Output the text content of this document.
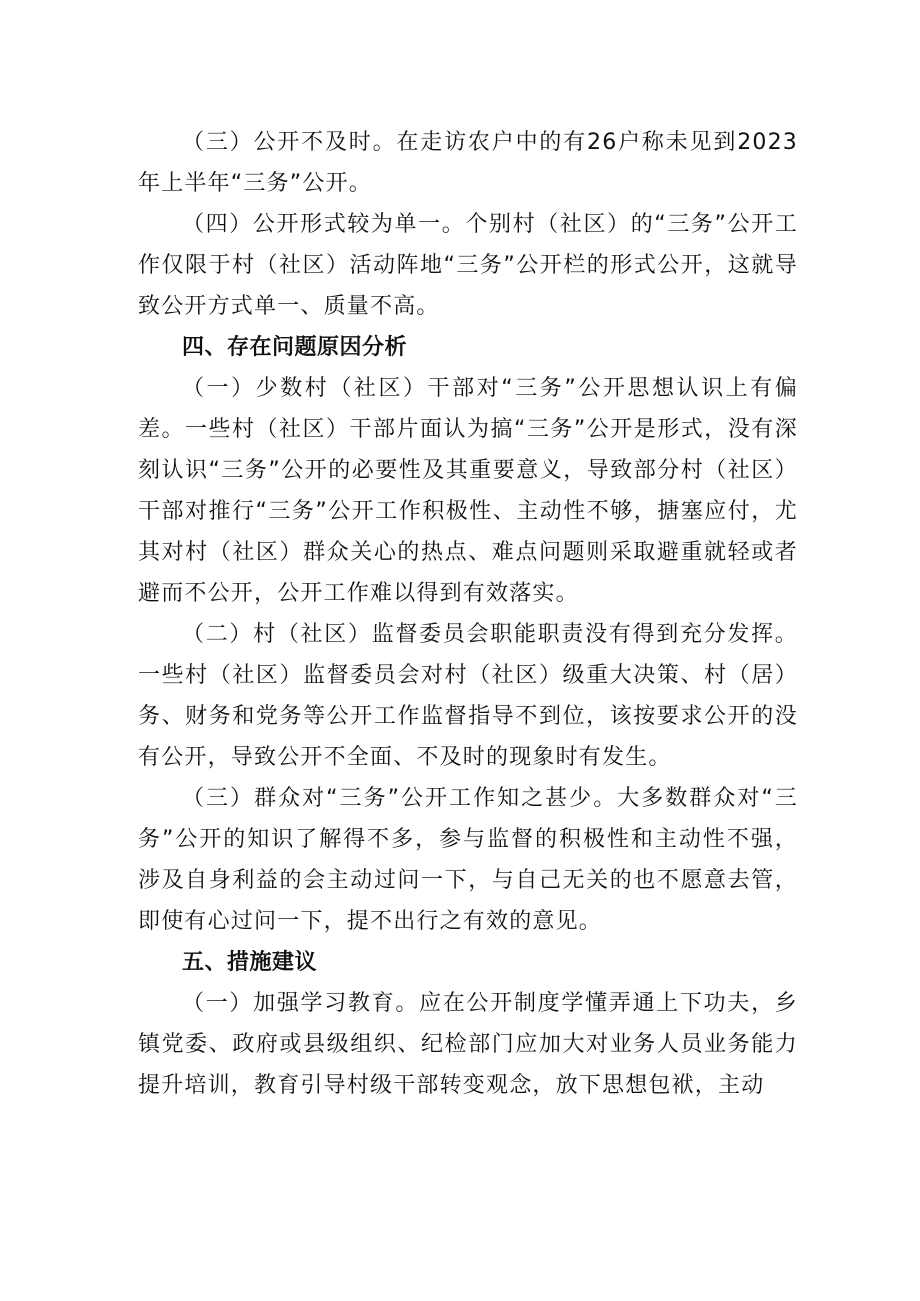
（三）公开不及时。在走访农户中的有26户称未见到2023年上半年“三务”公开。

（四）公开形式较为单一。个别村（社区）的“三务”公开工作仅限于村（社区）活动阵地“三务”公开栏的形式公开，这就导致公开方式单一、质量不高。

四、存在问题原因分析

（一）少数村（社区）干部对“三务”公开思想认识上有偏差。一些村（社区）干部片面认为搞“三务”公开是形式，没有深刻认识“三务”公开的必要性及其重要意义，导致部分村（社区）干部对推行“三务”公开工作积极性、主动性不够，搪塞应付，尤其对村（社区）群众关心的热点、难点问题则采取避重就轻或者避而不公开，公开工作难以得到有效落实。

（二）村（社区）监督委员会职能职责没有得到充分发挥。一些村（社区）监督委员会对村（社区）级重大决策、村（居）务、财务和党务等公开工作监督指导不到位，该按要求公开的没有公开，导致公开不全面、不及时的现象时有发生。

（三）群众对“三务”公开工作知之甚少。大多数群众对“三务”公开的知识了解得不多，参与监督的积极性和主动性不强，涉及自身利益的会主动过问一下，与自己无关的也不愿意去管，即使有心过问一下，提不出行之有效的意见。

五、措施建议

（一）加强学习教育。应在公开制度学懂弄通上下功夫，乡镇党委、政府或县级组织、纪检部门应加大对业务人员业务能力提升培训，教育引导村级干部转变观念，放下思想包袱，主动
